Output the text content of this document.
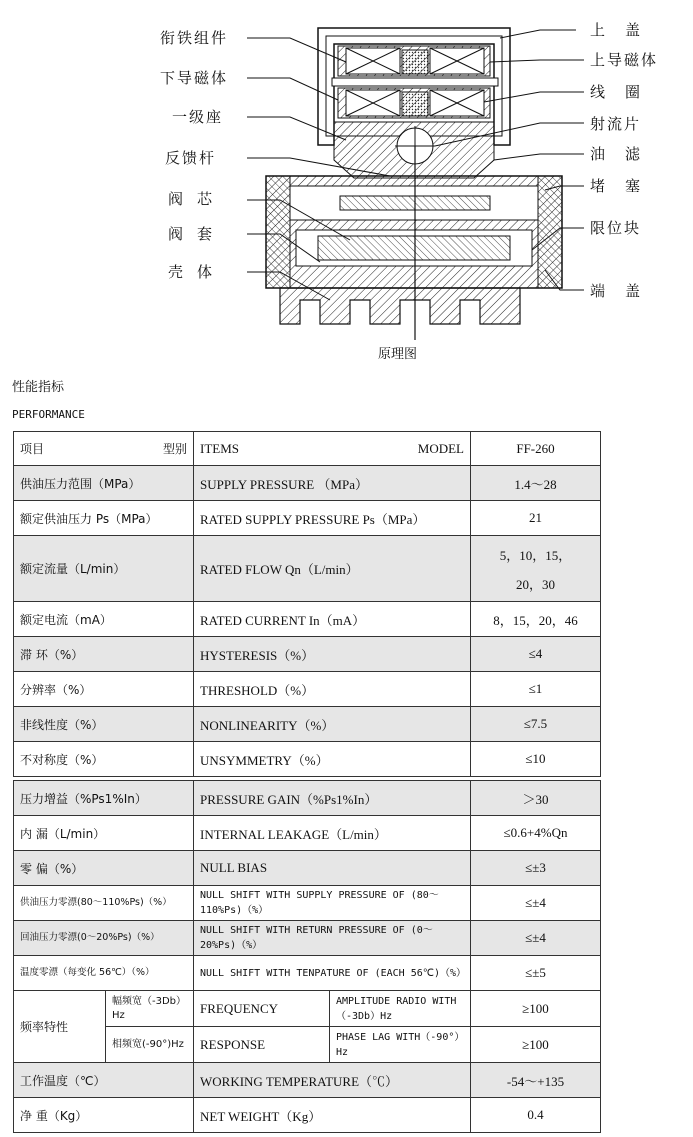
衔铁组件
下导磁体
一级座
反馈杆
阀芯
阀套
壳体
上盖
上导磁体
线圈
射流片
油滤
堵塞
限位块
端盖
原理图
性能指标
PERFORMANCE
项目 型别		ITEMS MODEL		FF-260
供油压力范围（MPa）		SUPPLY PRESSURE （MPa）		1.4～28

额定供油压力 Ps（MPa）		RATED SUPPLY PRESSURE Ps（MPa）		21

额定流量（L/min）		RATED FLOW Qn（L/min）		5，10，15，
20，30

额定电流（mA）		RATED CURRENT In（mA）		8，15，20，46

滞 环（%）		HYSTERESIS（%）		≤4

分辨率（%）		THRESHOLD（%）		≤1

非线性度（%）		NONLINEARITY（%）		≤7.5

不对称度（%）		UNSYMMETRY（%）		≤10

压力增益（%Ps1%In）		PRESSURE GAIN（%Ps1%In）		＞30

内 漏（L/min）		INTERNAL LEAKAGE（L/min）		≤0.6+4%Qn

零 偏（%）		NULL BIAS		≤±3

供油压力零漂(80～110%Ps)（%）		NULL SHIFT WITH SUPPLY PRESSURE OF (80～110%Ps)（%）		≤±4

回油压力零漂(0～20%Ps)（%）		NULL SHIFT WITH RETURN PRESSURE OF (0～20%Ps)（%）		≤±4

温度零漂（每变化 56℃）（%）		NULL SHIFT WITH TENPATURE OF (EACH 56℃)（%）		≤±5

频率特性	幅频宽（-3Db）Hz	FREQUENCY	AMPLITUDE RADIO WITH（-3Db）Hz	≥100
	相频宽(-90°)Hz	RESPONSE	PHASE LAG WITH（-90°）Hz	≥100
工作温度（℃）		WORKING TEMPERATURE（℃）		-54～+135

净 重（Kg）		NET WEIGHT（Kg）		0.4
